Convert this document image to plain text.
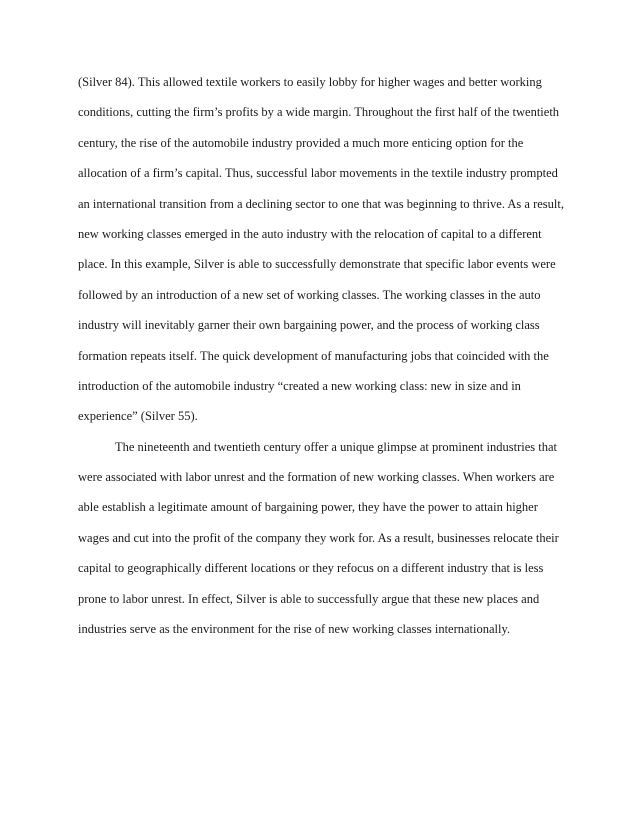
(Silver 84). This allowed textile workers to easily lobby for higher wages and better working
conditions, cutting the firm’s profits by a wide margin. Throughout the first half of the twentieth
century, the rise of the automobile industry provided a much more enticing option for the
allocation of a firm’s capital. Thus, successful labor movements in the textile industry prompted
an international transition from a declining sector to one that was beginning to thrive. As a result,
new working classes emerged in the auto industry with the relocation of capital to a different
place. In this example, Silver is able to successfully demonstrate that specific labor events were
followed by an introduction of a new set of working classes. The working classes in the auto
industry will inevitably garner their own bargaining power, and the process of working class
formation repeats itself. The quick development of manufacturing jobs that coincided with the
introduction of the automobile industry “created a new working class: new in size and in
experience” (Silver 55).
The nineteenth and twentieth century offer a unique glimpse at prominent industries that
were associated with labor unrest and the formation of new working classes. When workers are
able establish a legitimate amount of bargaining power, they have the power to attain higher
wages and cut into the profit of the company they work for. As a result, businesses relocate their
capital to geographically different locations or they refocus on a different industry that is less
prone to labor unrest. In effect, Silver is able to successfully argue that these new places and
industries serve as the environment for the rise of new working classes internationally.
